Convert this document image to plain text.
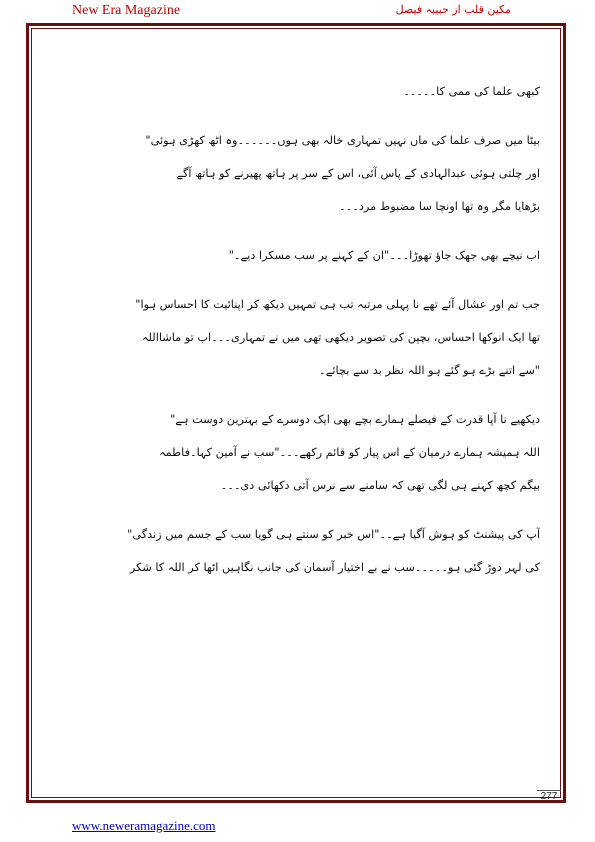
New Era Magazine	مکین قلب از حبیبہ فیصل
کبھی علما کی ممی کا۔۔۔۔۔
بیٹا میں صرف علما کی ماں نہیں تمہاری خالہ بھی ہوں۔۔۔۔۔۔وہ اٹھ کھڑی ہوئی"
اور چلتی ہوئی عبدالہادی کے پاس آئی، اس کے سر پر ہاتھ پھیرنے کو ہاتھ آگے
بڑھایا مگر وہ تھا اونچا سا مضبوط مرد۔۔۔
اب نیچے بھی جھک جاؤ تھوڑا۔۔۔"ان کے کہنے پر سب مسکرا دیے۔"
جب تم اور عشال آئے تھے نا پہلی مرتبہ تب ہی تمہیں دیکھ کر اپنائیت کا احساس ہوا"
تھا ایک انوکھا احساس، بچپن کی تصویر دیکھی تھی میں نے تمہاری۔۔۔اب تو ماشااللہ
"سے اتنے بڑے ہو گئے ہو اللہ نظر بد سے بچائے۔
دیکھیے نا آپا قدرت کے فیصلے ہمارے بچے بھی ایک دوسرے کے بہترین دوست ہے"
اللہ ہمیشہ ہمارے درمیان کے اس پیار کو قائم رکھے۔۔۔"سب نے آمین کہا۔فاطمہ
بیگم کچھ کہنے ہی لگی تھی کہ سامنے سے نرس آتی دکھائی دی۔۔۔
آپ کی پیشنٹ کو ہوش آگیا ہے۔۔"اس خبر کو سنتے ہی گویا سب کے جسم میں زندگی"
کی لہر دوڑ گئی ہو۔۔۔۔۔سب نے بے اختیار آسمان کی جانب نگاہیں اٹھا کر اللہ کا شکر
277
www.neweramagazine.com
